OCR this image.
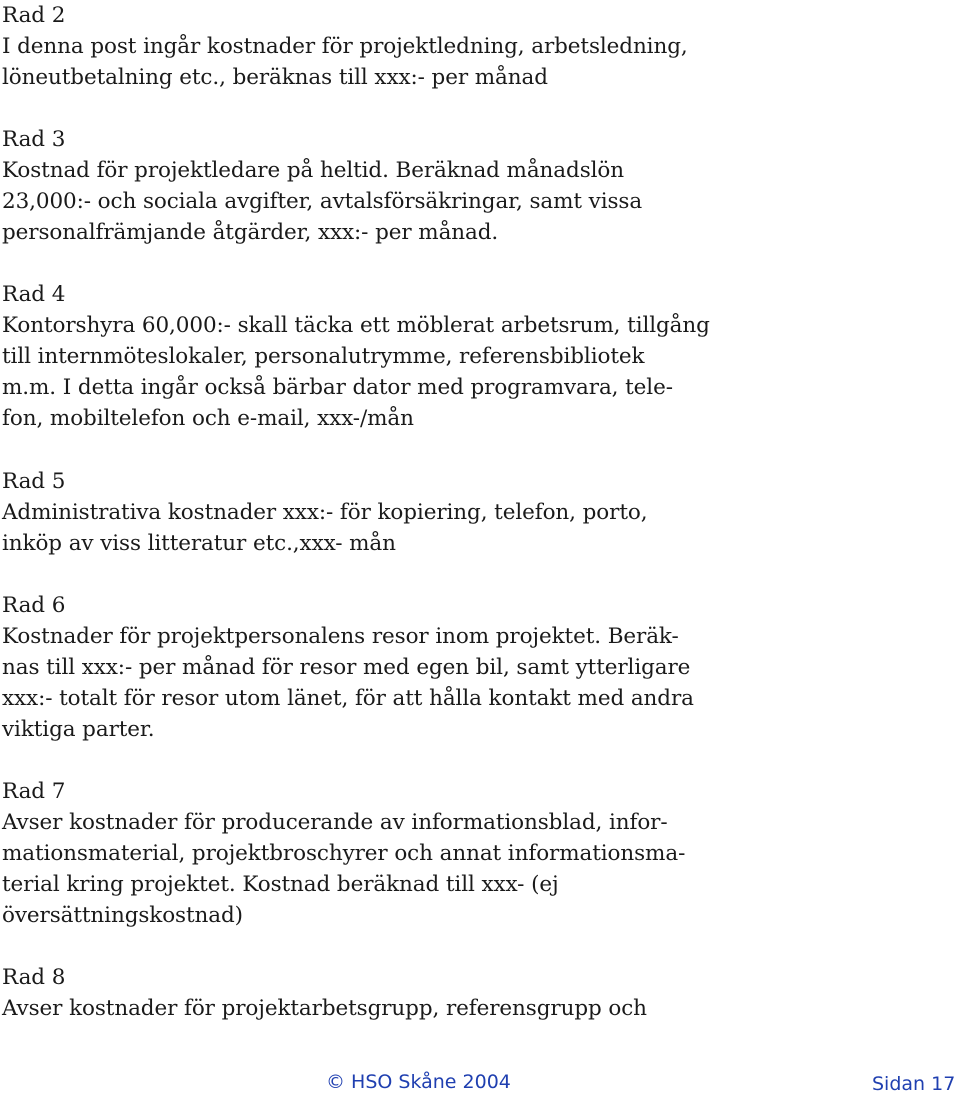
Rad 2
I denna post ingår kostnader för projektledning, arbetsledning,
löneutbetalning etc., beräknas till xxx:- per månad
Rad 3
Kostnad för projektledare på heltid. Beräknad månadslön
23,000:- och sociala avgifter, avtalsförsäkringar, samt vissa
personalfrämjande åtgärder, xxx:- per månad.
Rad 4
Kontorshyra 60,000:- skall täcka ett möblerat arbetsrum, tillgång
till internmöteslokaler, personalutrymme, referensbibliotek
m.m. I detta ingår också bärbar dator med programvara, tele-
fon, mobiltelefon och e-mail, xxx-/mån
Rad 5
Administrativa kostnader xxx:- för kopiering, telefon, porto,
inköp av viss litteratur etc.,xxx- mån
Rad 6
Kostnader för projektpersonalens resor inom projektet. Beräk-
nas till xxx:- per månad för resor med egen bil, samt ytterligare
xxx:- totalt för resor utom länet, för att hålla kontakt med andra
viktiga parter.
Rad 7
Avser kostnader för producerande av informationsblad, infor-
mationsmaterial, projektbroschyrer och annat informationsma-
terial kring projektet. Kostnad beräknad till xxx- (ej
översättningskostnad)
Rad 8
Avser kostnader för projektarbetsgrupp, referensgrupp och
© HSO Skåne 2004	Sidan 17
